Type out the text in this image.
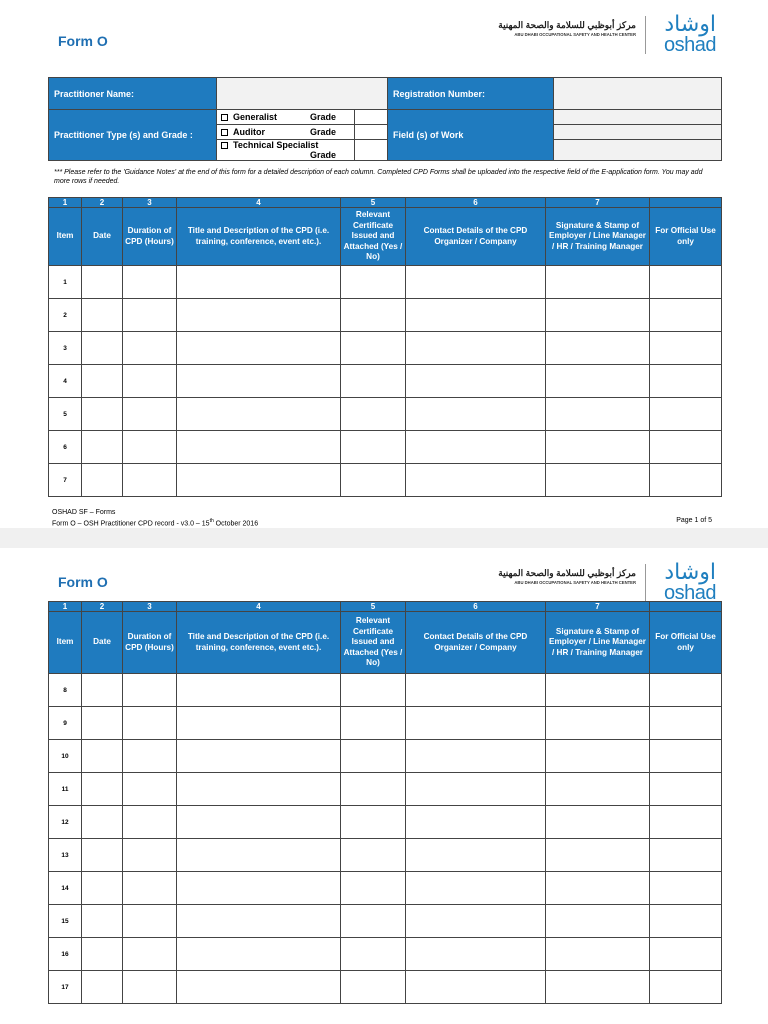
Form O
مركز أبوظبي للسلامة والصحة المهنية
ABU DHABI OCCUPATIONAL SAFETY AND HEALTH CENTER اوشاد
oshad
Practitioner Name:			Registration Number:	
Practitioner Type (s) and Grade :	Generalist Grade		Field (s) of Work	
	Auditor Grade			

	Technical Specialist
Grade			

*** Please refer to the 'Guidance Notes' at the end of this form for a detailed description of each column. Completed CPD Forms shall be uploaded into the respective field of the E-application form. You may add more rows if needed.
1	2	3	4	5	6	7	
Item	Date	Duration of CPD (Hours)	Title and Description of the CPD (i.e. training, conference, event etc.).	Relevant Certificate Issued and Attached (Yes / No)	Contact Details of the CPD Organizer / Company	Signature & Stamp of Employer / Line Manager / HR / Training Manager	For Official Use only
1							
2							
3							
4							
5							
6							
7							
OSHAD SF – Forms
Form O – OSH Practitioner CPD record - v3.0 – 15th October 2016	Page 1 of 5
Form O
مركز أبوظبي للسلامة والصحة المهنية
ABU DHABI OCCUPATIONAL SAFETY AND HEALTH CENTER اوشاد
oshad
1	2	3	4	5	6	7	
Item	Date	Duration of CPD (Hours)	Title and Description of the CPD (i.e. training, conference, event etc.).	Relevant Certificate Issued and Attached (Yes / No)	Contact Details of the CPD Organizer / Company	Signature & Stamp of Employer / Line Manager / HR / Training Manager	For Official Use only
8							
9							
10							
11							
12							
13							
14							
15							
16							
17							
